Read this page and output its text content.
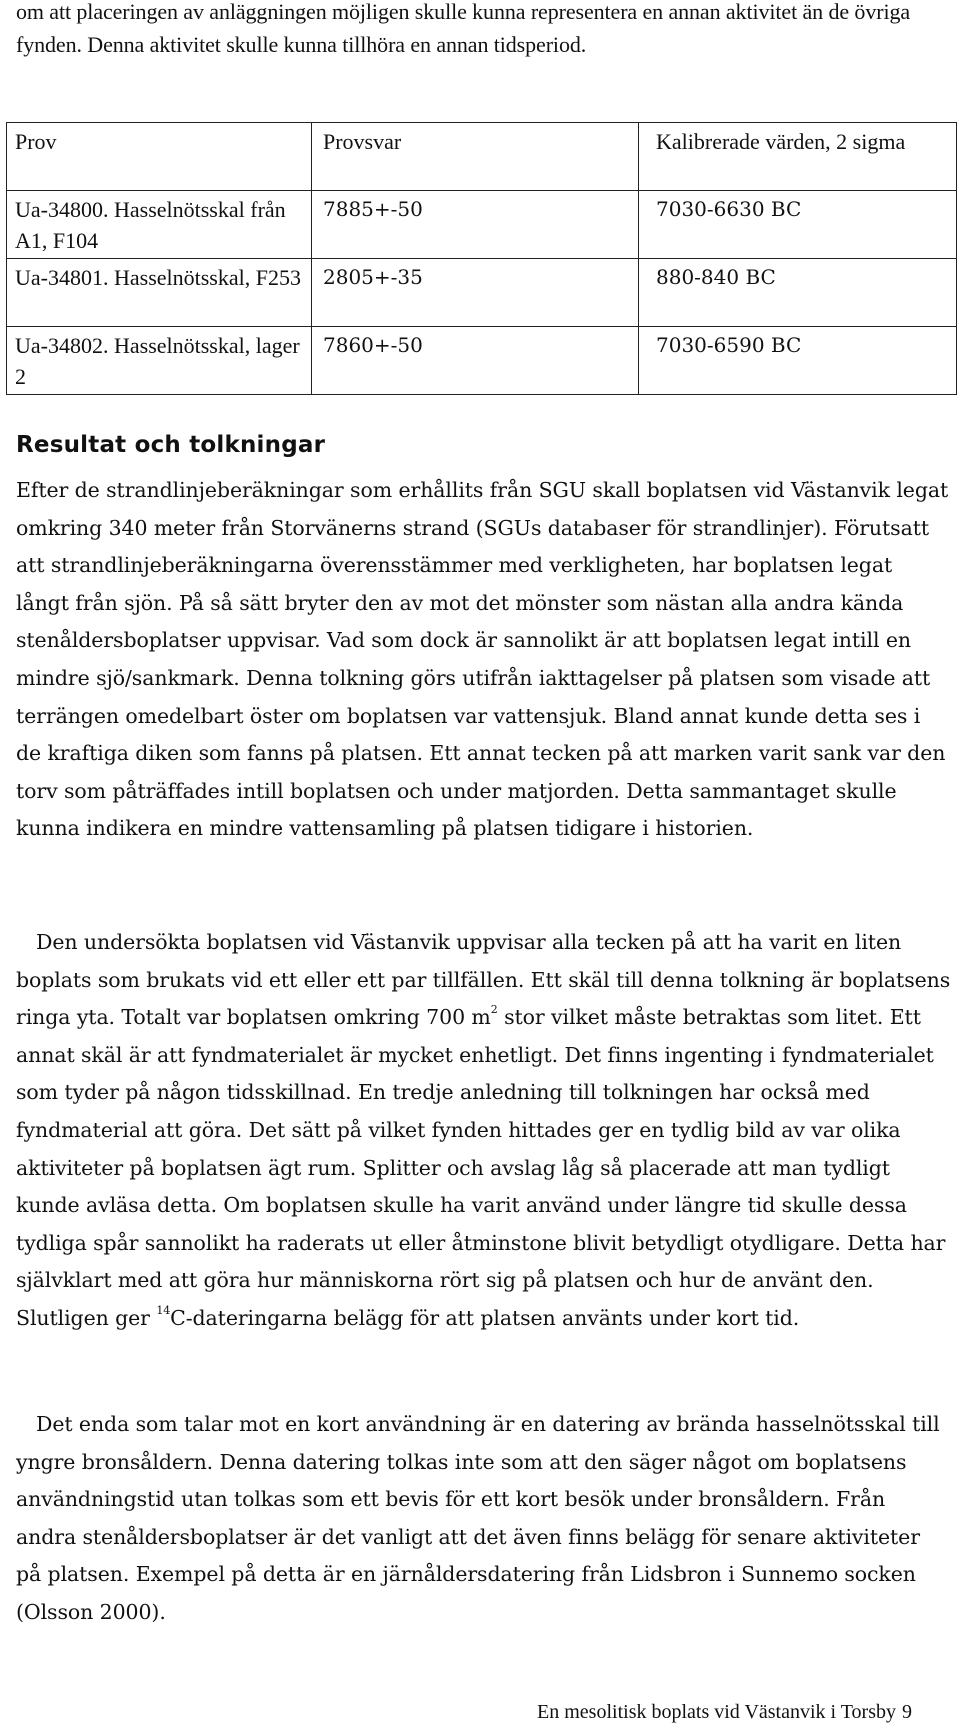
om att placeringen av anläggningen möjligen skulle kunna representera en annan aktivitet än de övriga fynden. Denna aktivitet skulle kunna tillhöra en annan tidsperiod.

Prov	Provsvar	Kalibrerade värden, 2 sigma
Ua-34800. Hasselnötsskal från A1, F104	7885+-50	7030-6630 BC
Ua-34801. Hasselnötsskal, F253	2805+-35	880-840 BC
Ua-34802. Hasselnötsskal, lager 2	7860+-50	7030-6590 BC
Resultat och tolkningar

Efter de strandlinjeberäkningar som erhållits från SGU skall boplatsen vid Västanvik legat omkring 340 meter från Storvänerns strand (SGUs databaser för strandlinjer). Förutsatt att strandlinjeberäkningarna överensstämmer med verkligheten, har boplatsen legat långt från sjön. På så sätt bryter den av mot det mönster som nästan alla andra kända stenåldersboplatser uppvisar. Vad som dock är sannolikt är att boplatsen legat intill en mindre sjö/sankmark. Denna tolkning görs utifrån iakttagelser på platsen som visade att terrängen omedelbart öster om boplatsen var vattensjuk. Bland annat kunde detta ses i de kraftiga diken som fanns på platsen. Ett annat tecken på att marken varit sank var den torv som påträffades intill boplatsen och under matjorden. Detta sammantaget skulle kunna indikera en mindre vattensamling på platsen tidigare i historien.

Den undersökta boplatsen vid Västanvik uppvisar alla tecken på att ha varit en liten boplats som brukats vid ett eller ett par tillfällen. Ett skäl till denna tolkning är boplatsens ringa yta. Totalt var boplatsen omkring 700 $m^2$ stor vilket måste betraktas som litet. Ett annat skäl är att fyndmaterialet är mycket enhetligt. Det finns ingenting i fyndmaterialet som tyder på någon tidsskillnad. En tredje anledning till tolkningen har också med fyndmaterial att göra. Det sätt på vilket fynden hittades ger en tydlig bild av var olika aktiviteter på boplatsen ägt rum. Splitter och avslag låg så placerade att man tydligt kunde avläsa detta. Om boplatsen skulle ha varit använd under längre tid skulle dessa tydliga spår sannolikt ha raderats ut eller åtminstone blivit betydligt otydligare. Detta har självklart med att göra hur människorna rört sig på platsen och hur de använt den. Slutligen ger $^{14}$C-dateringarna belägg för att platsen använts under kort tid.

Det enda som talar mot en kort användning är en datering av brända hasselnötsskal till yngre bronsåldern. Denna datering tolkas inte som att den säger något om boplatsens användningstid utan tolkas som ett bevis för ett kort besök under bronsåldern. Från andra stenåldersboplatser är det vanligt att det även finns belägg för senare aktiviteter på platsen. Exempel på detta är en järnåldersdatering från Lidsbron i Sunnemo socken (Olsson 2000).

En mesolitisk boplats vid Västanvik i Torsby 9
